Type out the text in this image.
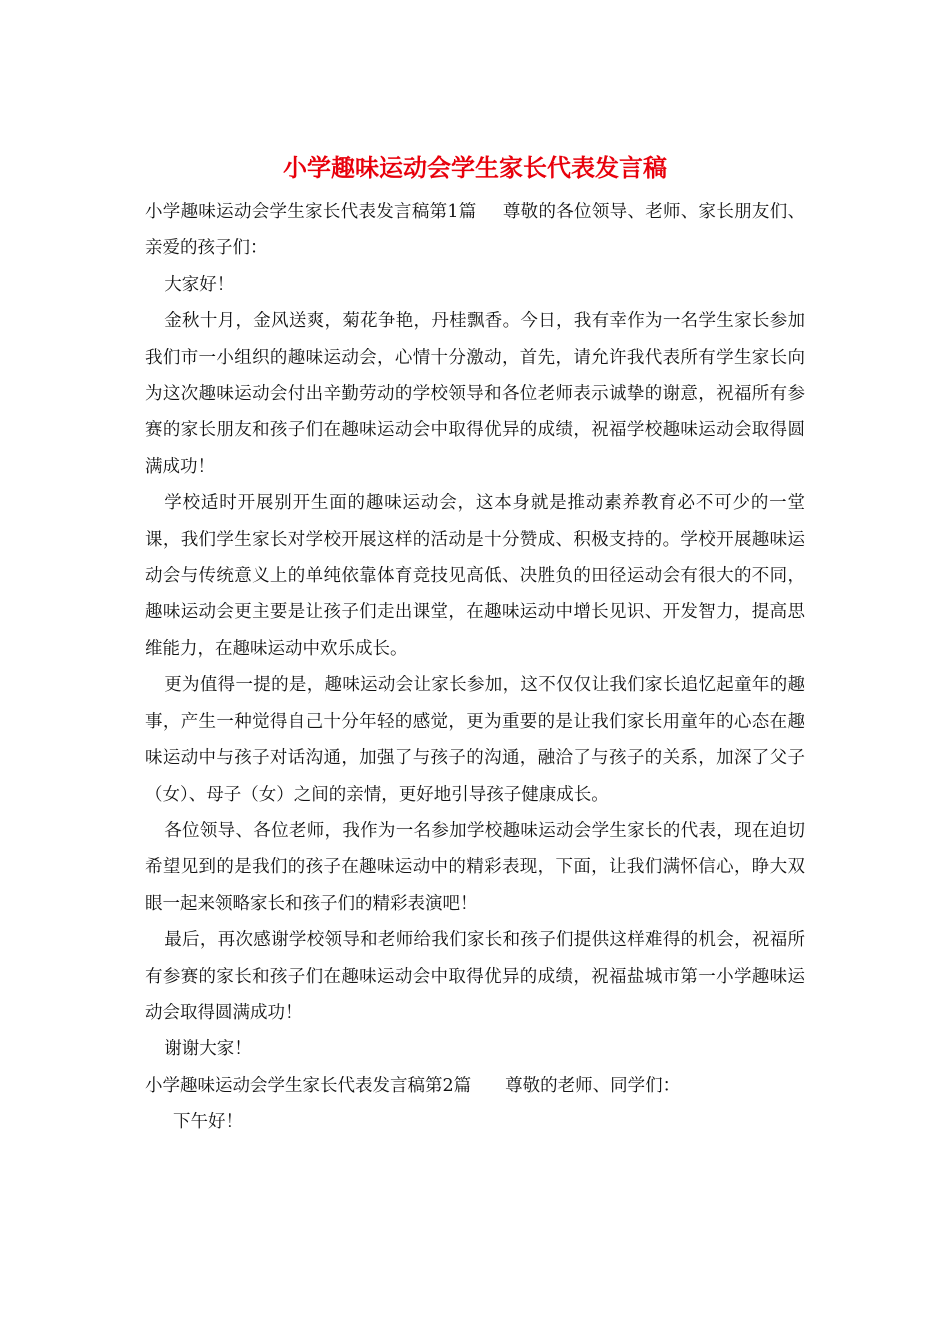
小学趣味运动会学生家长代表发言稿

小学趣味运动会学生家长代表发言稿第1篇 尊敬的各位领导、老师、家长朋友们、亲爱的孩子们：

大家好！

金秋十月，金风送爽，菊花争艳，丹桂飘香。今日，我有幸作为一名学生家长参加我们市一小组织的趣味运动会，心情十分激动，首先，请允许我代表所有学生家长向为这次趣味运动会付出辛勤劳动的学校领导和各位老师表示诚挚的谢意，祝福所有参赛的家长朋友和孩子们在趣味运动会中取得优异的成绩，祝福学校趣味运动会取得圆满成功！

学校适时开展别开生面的趣味运动会，这本身就是推动素养教育必不可少的一堂课，我们学生家长对学校开展这样的活动是十分赞成、积极支持的。学校开展趣味运动会与传统意义上的单纯依靠体育竞技见高低、决胜负的田径运动会有很大的不同，趣味运动会更主要是让孩子们走出课堂，在趣味运动中增长见识、开发智力，提高思维能力，在趣味运动中欢乐成长。

更为值得一提的是，趣味运动会让家长参加，这不仅仅让我们家长追忆起童年的趣事，产生一种觉得自己十分年轻的感觉，更为重要的是让我们家长用童年的心态在趣味运动中与孩子对话沟通，加强了与孩子的沟通，融洽了与孩子的关系，加深了父子（女）、母子（女）之间的亲情，更好地引导孩子健康成长。

各位领导、各位老师，我作为一名参加学校趣味运动会学生家长的代表，现在迫切希望见到的是我们的孩子在趣味运动中的精彩表现，下面，让我们满怀信心，睁大双眼一起来领略家长和孩子们的精彩表演吧！

最后，再次感谢学校领导和老师给我们家长和孩子们提供这样难得的机会，祝福所有参赛的家长和孩子们在趣味运动会中取得优异的成绩，祝福盐城市第一小学趣味运动会取得圆满成功！

谢谢大家！

小学趣味运动会学生家长代表发言稿第2篇 尊敬的老师、同学们：

下午好！
